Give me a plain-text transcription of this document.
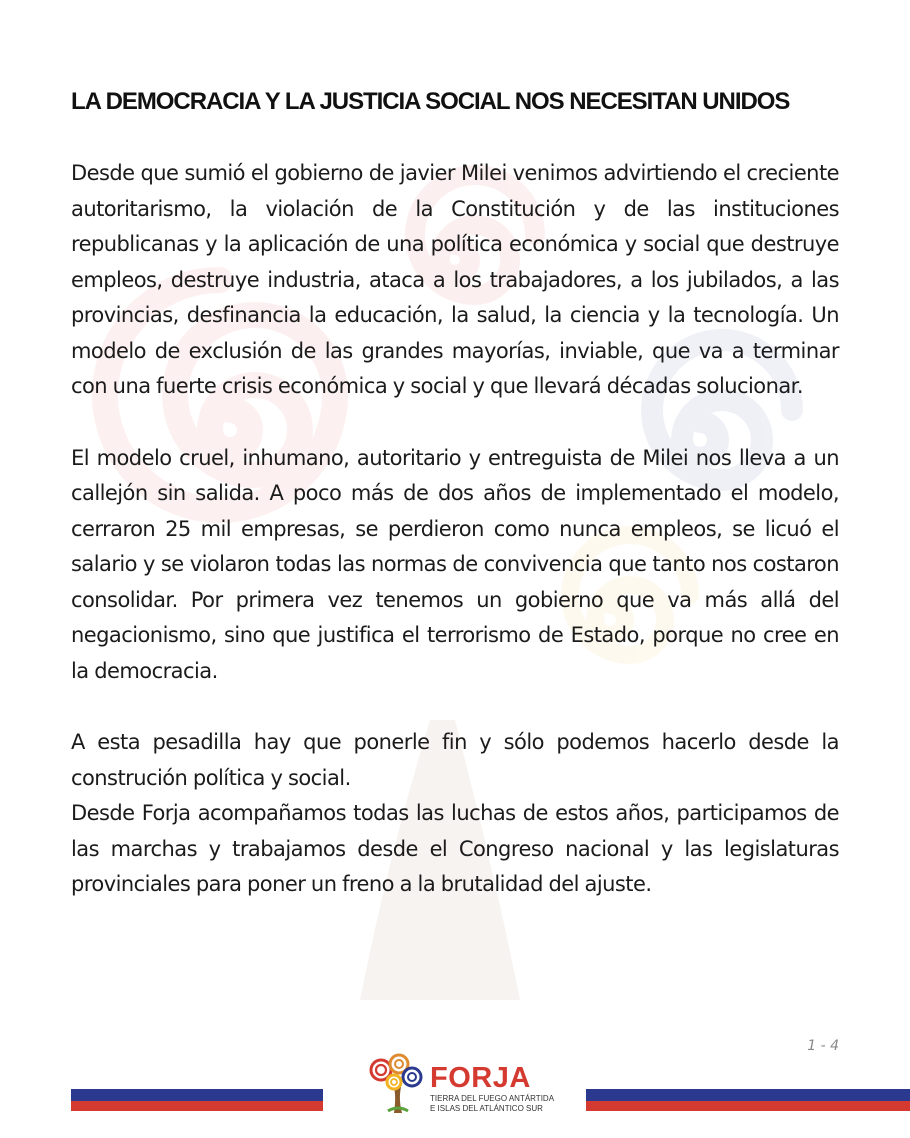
LA DEMOCRACIA Y LA JUSTICIA SOCIAL NOS NECESITAN UNIDOS

Desde que sumió el gobierno de javier Milei venimos advirtiendo el creciente autoritarismo, la violación de la Constitución y de las instituciones republicanas y la aplicación de una política económica y social que destruye empleos, destruye industria, ataca a los trabajadores, a los jubilados, a las provincias, desfinancia la educación, la salud, la ciencia y la tecnología. Un modelo de exclusión de las grandes mayorías, inviable, que va a terminar con una fuerte crisis económica y social y que llevará décadas solucionar.

El modelo cruel, inhumano, autoritario y entreguista de Milei nos lleva a un callejón sin salida. A poco más de dos años de implementado el modelo, cerraron 25 mil empresas, se perdieron como nunca empleos, se licuó el salario y se violaron todas las normas de convivencia que tanto nos costaron consolidar. Por primera vez tenemos un gobierno que va más allá del negacionismo, sino que justifica el terrorismo de Estado, porque no cree en la democracia.

A esta pesadilla hay que ponerle fin y sólo podemos hacerlo desde la construción política y social.

Desde Forja acompañamos todas las luchas de estos años, participamos de las marchas y trabajamos desde el Congreso nacional y las legislaturas provinciales para poner un freno a la brutalidad del ajuste.

1 - 4
FORJA
TIERRA DEL FUEGO ANTÁRTIDA
E ISLAS DEL ATLÁNTICO SUR
